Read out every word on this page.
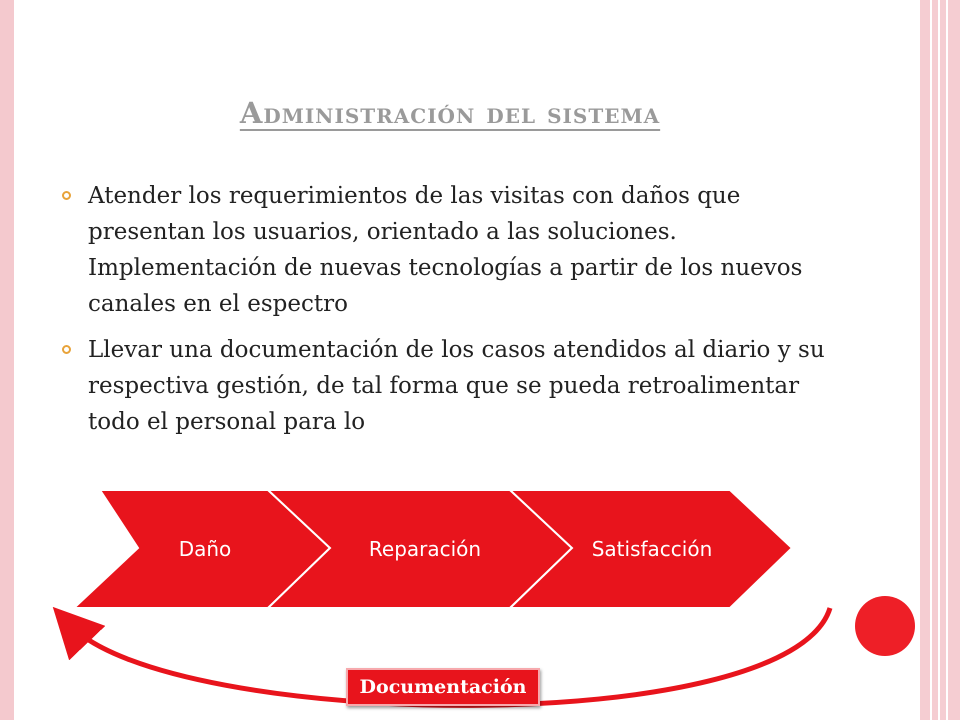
Administración del sistema
Atender los requerimientos de las visitas con daños que presentan los usuarios, orientado a las soluciones. Implementación de nuevas tecnologías a partir de los nuevos canales en el espectro
Llevar una documentación de los casos atendidos al diario y su respectiva gestión, de tal forma que se pueda retroalimentar todo el personal para lo
Daño	Reparación	Satisfacción
Documentación
